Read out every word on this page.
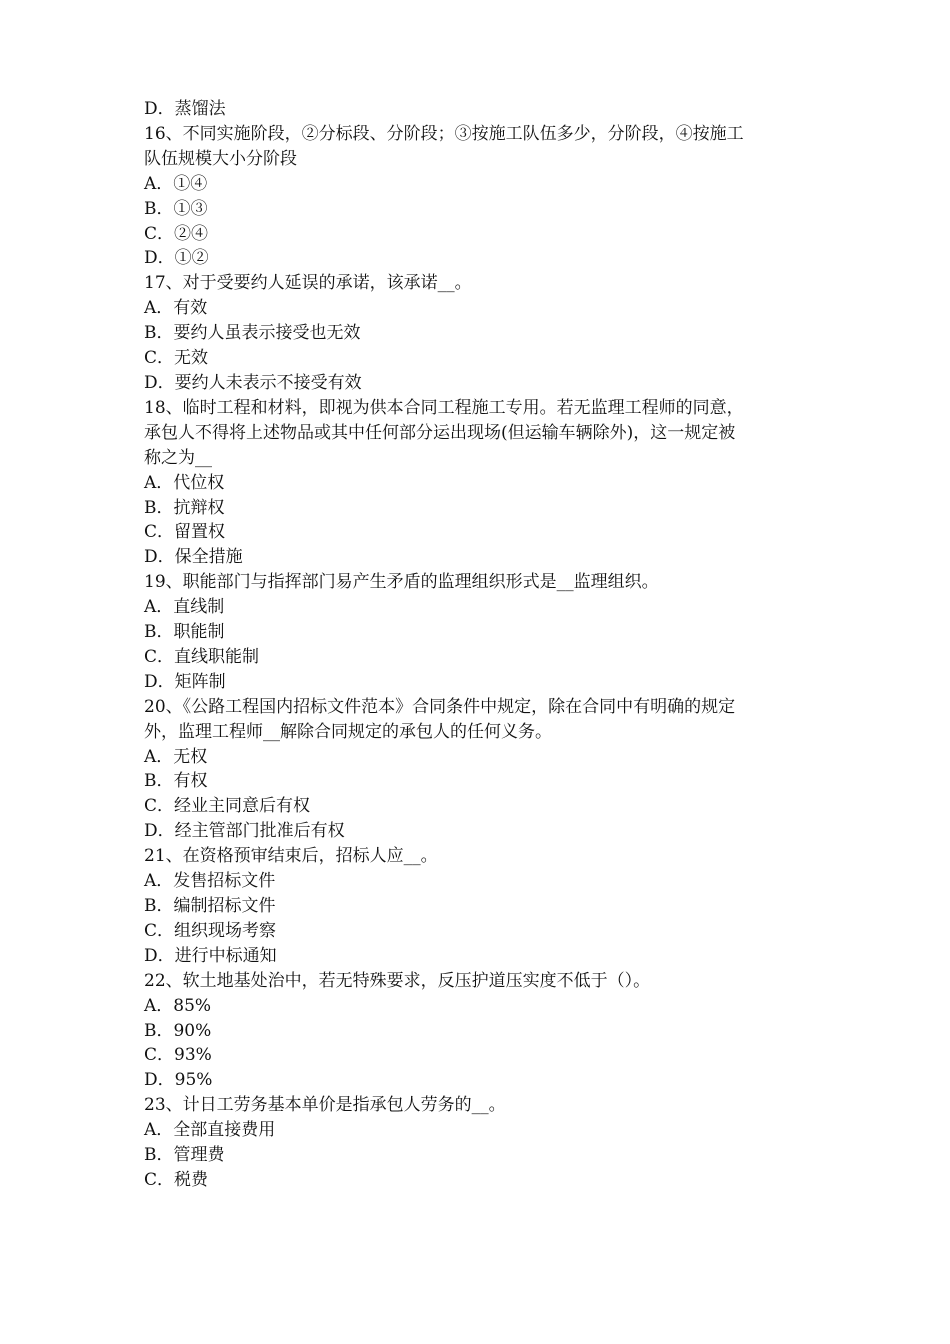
D．蒸馏法
16、不同实施阶段，②分标段、分阶段；③按施工队伍多少，分阶段，④按施工
队伍规模大小分阶段
A．①④
B．①③
C．②④
D．①②
17、对于受要约人延误的承诺，该承诺__。
A．有效
B．要约人虽表示接受也无效
C．无效
D．要约人未表示不接受有效
18、临时工程和材料，即视为供本合同工程施工专用。若无监理工程师的同意，
承包人不得将上述物品或其中任何部分运出现场(但运输车辆除外)，这一规定被
称之为__
A．代位权
B．抗辩权
C．留置权
D．保全措施
19、职能部门与指挥部门易产生矛盾的监理组织形式是__监理组织。
A．直线制
B．职能制
C．直线职能制
D．矩阵制
20、《公路工程国内招标文件范本》合同条件中规定，除在合同中有明确的规定
外，监理工程师__解除合同规定的承包人的任何义务。
A．无权
B．有权
C．经业主同意后有权
D．经主管部门批准后有权
21、在资格预审结束后，招标人应__。
A．发售招标文件
B．编制招标文件
C．组织现场考察
D．进行中标通知
22、软土地基处治中，若无特殊要求，反压护道压实度不低于（）。
A．85%
B．90%
C．93%
D．95%
23、计日工劳务基本单价是指承包人劳务的__。
A．全部直接费用
B．管理费
C．税费
